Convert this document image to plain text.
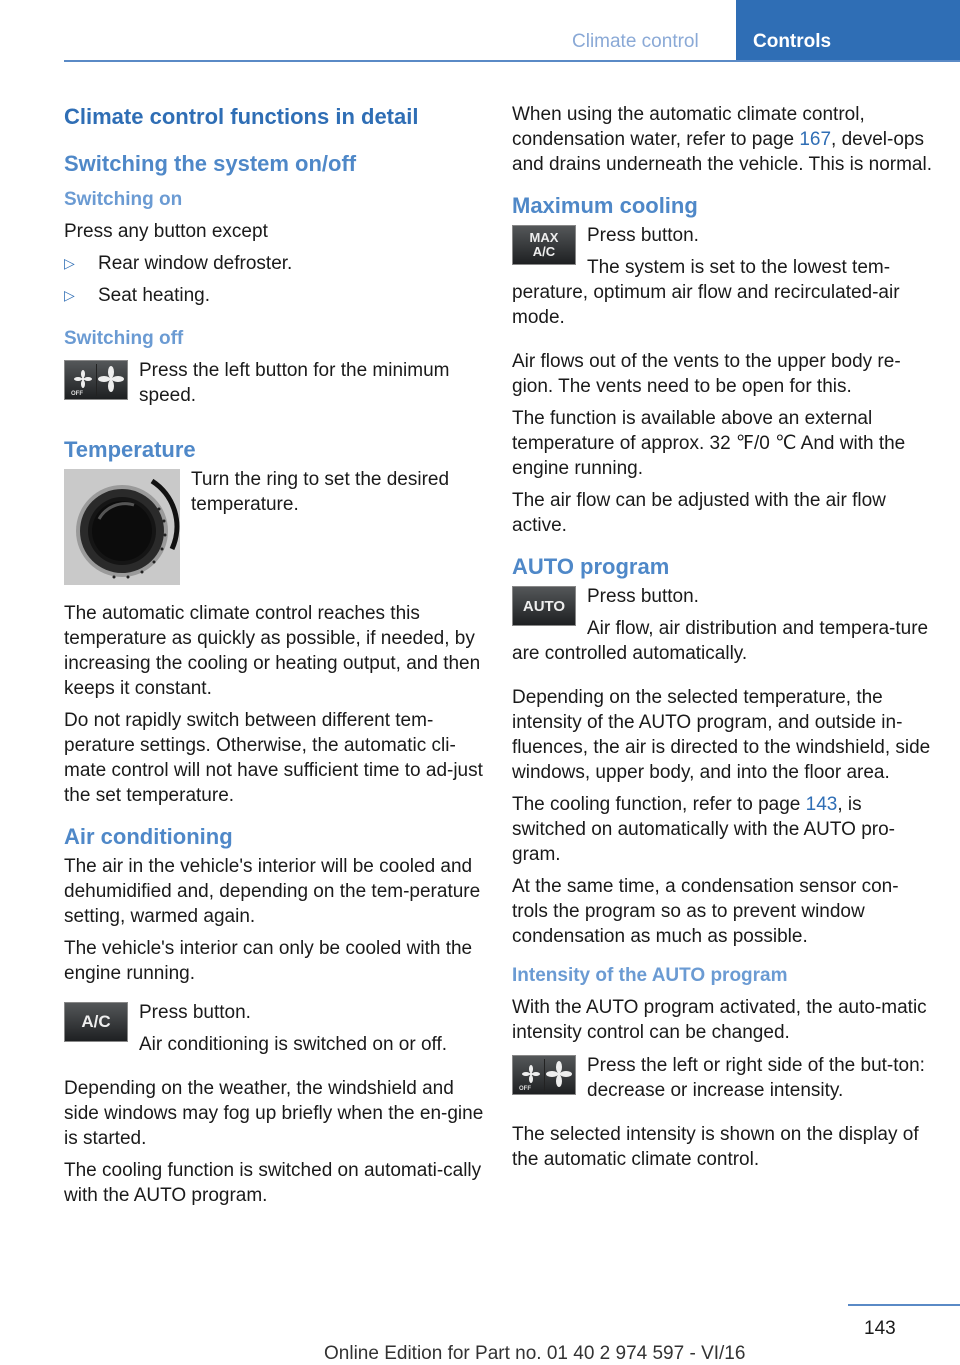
Climate control	Controls
Climate control functions in detail
Switching the system on/off
Switching on

Press any button except

▷ Rear window defroster.
▷ Seat heating.
Switching off
OFF

Press the left button for the minimum speed.

Temperature

Turn the ring to set the desired temperature.

The automatic climate control reaches this temperature as quickly as possible, if needed, by increasing the cooling or heating output, and then keeps it constant.

Do not rapidly switch between different tem‐perature settings. Otherwise, the automatic cli‐mate control will not have sufficient time to ad‐just the set temperature.

Air conditioning

The air in the vehicle's interior will be cooled and dehumidified and, depending on the tem‐perature setting, warmed again.

The vehicle's interior can only be cooled with the engine running.

A/C	Press button.

Air conditioning is switched on or off.

Depending on the weather, the windshield and side windows may fog up briefly when the en‐gine is started.

The cooling function is switched on automati‐cally with the AUTO program.

When using the automatic climate control, condensation water, refer to page 167, devel‐ops and drains underneath the vehicle. This is normal.

Maximum cooling
MAX
A/C

Press button.

The system is set to the lowest tem‐perature, optimum air flow and recirculated-air mode.

Air flows out of the vents to the upper body re‐gion. The vents need to be open for this.

The function is available above an external temperature of approx. 32 ℉/0 ℃ And with the engine running.

The air flow can be adjusted with the air flow active.

AUTO program
AUTO	Press button.

Air flow, air distribution and tempera‐ture are controlled automatically.

Depending on the selected temperature, the intensity of the AUTO program, and outside in‐fluences, the air is directed to the windshield, side windows, upper body, and into the floor area.

The cooling function, refer to page 143, is switched on automatically with the AUTO pro‐gram.

At the same time, a condensation sensor con‐trols the program so as to prevent window condensation as much as possible.

Intensity of the AUTO program

With the AUTO program activated, the auto‐matic intensity control can be changed.

OFF

Press the left or right side of the but‐ton: decrease or increase intensity.

The selected intensity is shown on the display of the automatic climate control.

143
Online Edition for Part no. 01 40 2 974 597 - VI/16
